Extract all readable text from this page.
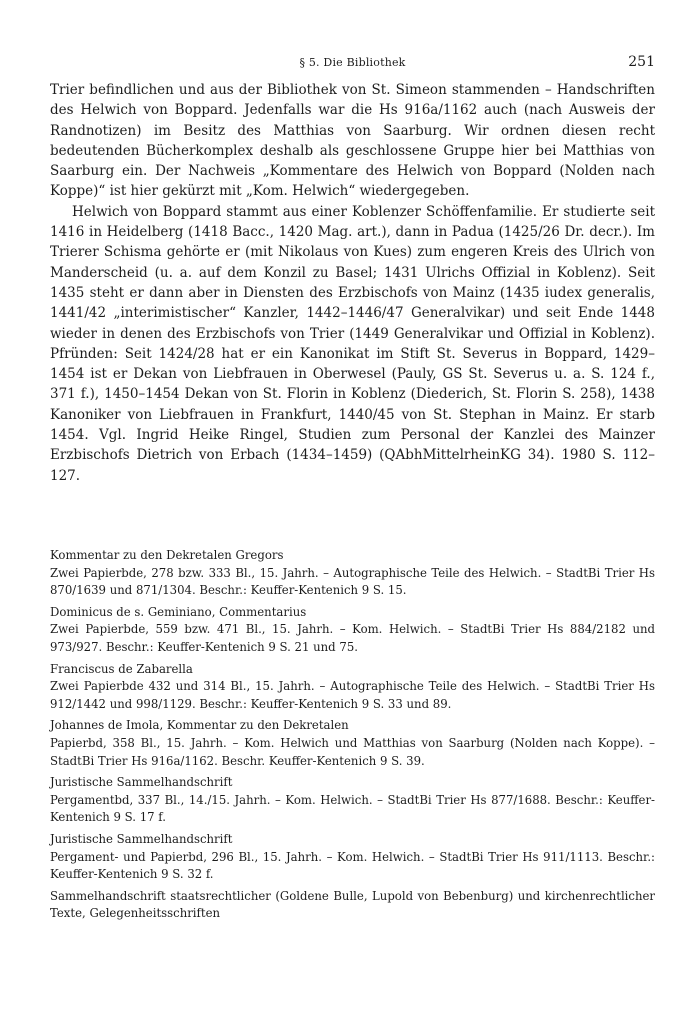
§ 5. Die Bibliothek	251

Trier befindlichen und aus der Bibliothek von St. Simeon stammenden – Handschriften des Helwich von Boppard. Jedenfalls war die Hs 916a/1162 auch (nach Ausweis der Randnotizen) im Besitz des Matthias von Saarburg. Wir ordnen diesen recht bedeutenden Bücherkomplex deshalb als geschlossene Gruppe hier bei Matthias von Saarburg ein. Der Nachweis „Kommentare des Helwich von Boppard (Nolden nach Koppe)“ ist hier gekürzt mit „Kom. Helwich“ wiedergegeben.

Helwich von Boppard stammt aus einer Koblenzer Schöffenfamilie. Er studierte seit 1416 in Heidelberg (1418 Bacc., 1420 Mag. art.), dann in Padua (1425/26 Dr. decr.). Im Trierer Schisma gehörte er (mit Nikolaus von Kues) zum engeren Kreis des Ulrich von Manderscheid (u. a. auf dem Konzil zu Basel; 1431 Ulrichs Offizial in Koblenz). Seit 1435 steht er dann aber in Diensten des Erzbischofs von Mainz (1435 iudex generalis, 1441/42 „interimistischer“ Kanzler, 1442–1446/47 Generalvikar) und seit Ende 1448 wieder in denen des Erzbischofs von Trier (1449 Generalvikar und Offizial in Koblenz). Pfründen: Seit 1424/28 hat er ein Kanonikat im Stift St. Severus in Boppard, 1429–1454 ist er Dekan von Liebfrauen in Oberwesel (Pauly, GS St. Severus u. a. S. 124 f., 371 f.), 1450–1454 Dekan von St. Florin in Koblenz (Diederich, St. Florin S. 258), 1438 Kanoniker von Liebfrauen in Frankfurt, 1440/45 von St. Stephan in Mainz. Er starb 1454. Vgl. Ingrid Heike Ringel, Studien zum Personal der Kanzlei des Mainzer Erzbischofs Dietrich von Erbach (1434–1459) (QAbhMittelrheinKG 34). 1980 S. 112–127.

Kommentar zu den Dekretalen Gregors
Zwei Papierbde, 278 bzw. 333 Bl., 15. Jahrh. – Autographische Teile des Helwich. – StadtBi Trier Hs 870/1639 und 871/1304. Beschr.: Keuffer-Kentenich 9 S. 15.
Dominicus de s. Geminiano, Commentarius
Zwei Papierbde, 559 bzw. 471 Bl., 15. Jahrh. – Kom. Helwich. – StadtBi Trier Hs 884/2182 und 973/927. Beschr.: Keuffer-Kentenich 9 S. 21 und 75.
Franciscus de Zabarella
Zwei Papierbde 432 und 314 Bl., 15. Jahrh. – Autographische Teile des Helwich. – StadtBi Trier Hs 912/1442 und 998/1129. Beschr.: Keuffer-Kentenich 9 S. 33 und 89.
Johannes de Imola, Kommentar zu den Dekretalen
Papierbd, 358 Bl., 15. Jahrh. – Kom. Helwich und Matthias von Saarburg (Nolden nach Koppe). – StadtBi Trier Hs 916a/1162. Beschr. Keuffer-Kentenich 9 S. 39.
Juristische Sammelhandschrift
Pergamentbd, 337 Bl., 14./15. Jahrh. – Kom. Helwich. – StadtBi Trier Hs 877/1688. Beschr.: Keuffer-Kentenich 9 S. 17 f.
Juristische Sammelhandschrift
Pergament- und Papierbd, 296 Bl., 15. Jahrh. – Kom. Helwich. – StadtBi Trier Hs 911/1113. Beschr.: Keuffer-Kentenich 9 S. 32 f.
Sammelhandschrift staatsrechtlicher (Goldene Bulle, Lupold von Bebenburg) und kirchenrechtlicher Texte, Gelegenheitsschriften
